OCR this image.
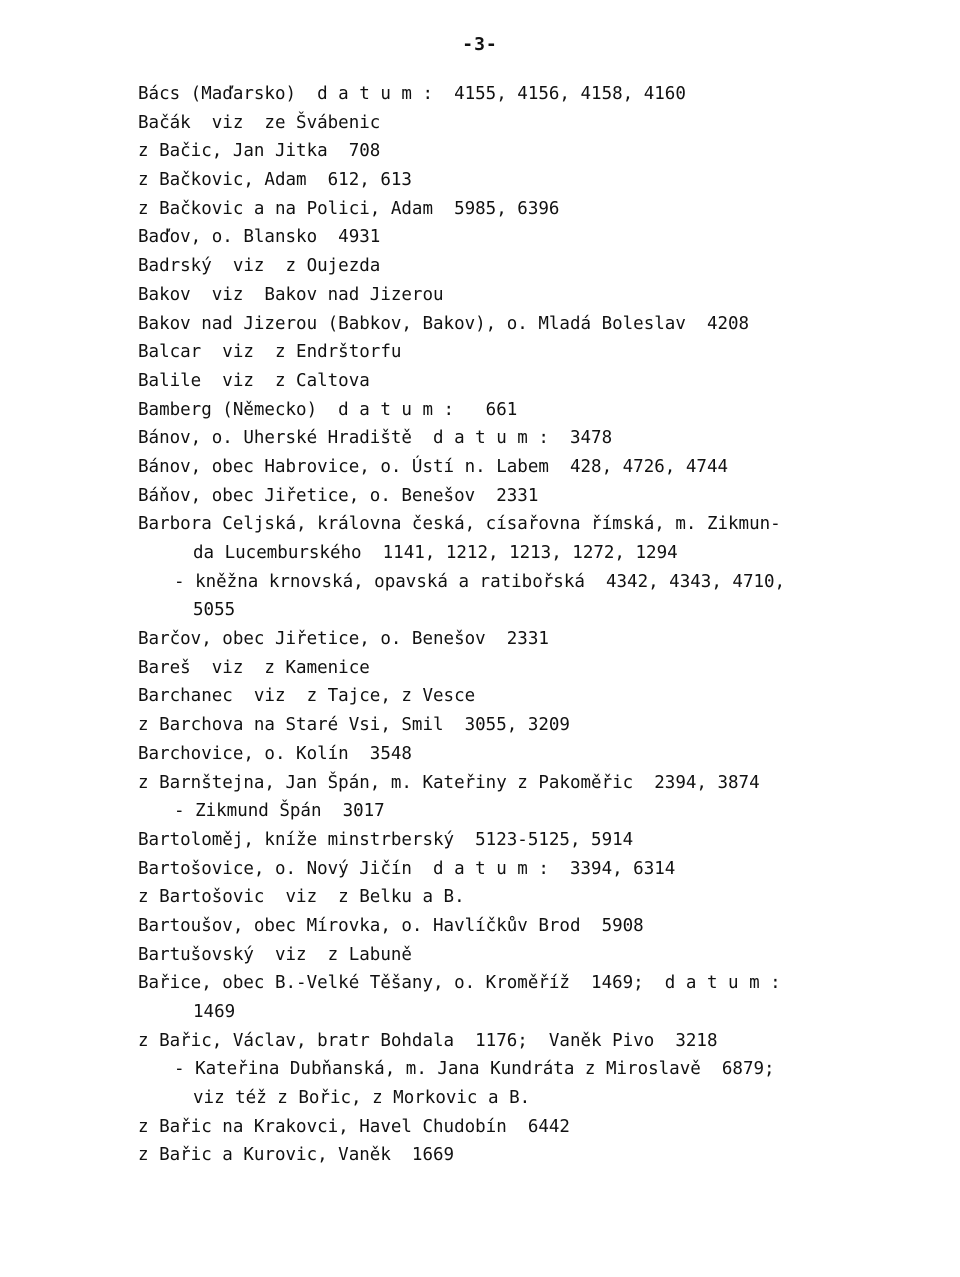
-3-
Bács (Maďarsko)  d a t u m :  4155, 4156, 4158, 4160
Bačák  viz  ze Švábenic
z Bačic, Jan Jitka  708
z Bačkovic, Adam  612, 613
z Bačkovic a na Polici, Adam  5985, 6396
Baďov, o. Blansko  4931
Badrský  viz  z Oujezda
Bakov  viz  Bakov nad Jizerou
Bakov nad Jizerou (Babkov, Bakov), o. Mladá Boleslav  4208
Balcar  viz  z Endrštorfu
Balile  viz  z Caltova
Bamberg (Německo)  d a t u m :   661
Bánov, o. Uherské Hradiště  d a t u m :  3478
Bánov, obec Habrovice, o. Ústí n. Labem  428, 4726, 4744
Báňov, obec Jiřetice, o. Benešov  2331
Barbora Celjská, královna česká, císařovna římská, m. Zikmun-
da Lucemburského  1141, 1212, 1213, 1272, 1294
- kněžna krnovská, opavská a ratibořská  4342, 4343, 4710,
5055
Barčov, obec Jiřetice, o. Benešov  2331
Bareš  viz  z Kamenice
Barchanec  viz  z Tajce, z Vesce
z Barchova na Staré Vsi, Smil  3055, 3209
Barchovice, o. Kolín  3548
z Barnštejna, Jan Špán, m. Kateřiny z Pakoměřic  2394, 3874
- Zikmund Špán  3017
Bartoloměj, kníže minstrberský  5123-5125, 5914
Bartošovice, o. Nový Jičín  d a t u m :  3394, 6314
z Bartošovic  viz  z Belku a B.
Bartoušov, obec Mírovka, o. Havlíčkův Brod  5908
Bartušovský  viz  z Labuně
Bařice, obec B.-Velké Těšany, o. Kroměříž  1469;  d a t u m :
1469
z Bařic, Václav, bratr Bohdala  1176;  Vaněk Pivo  3218
- Kateřina Dubňanská, m. Jana Kundráta z Miroslavě  6879;
viz též z Bořic, z Morkovic a B.
z Bařic na Krakovci, Havel Chudobín  6442
z Bařic a Kurovic, Vaněk  1669
